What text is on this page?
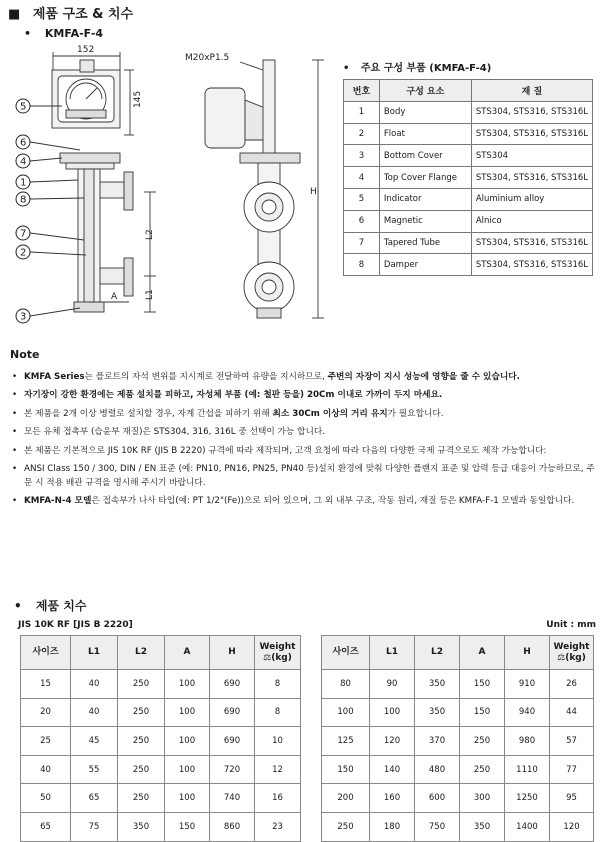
■ 제품 구조 & 치수
• KMFA-F-4
152
145
M20xP1.5
H
L2
L1
A
5
6
4
1
8
7
2
3
• 주요 구성 부품 (KMFA-F-4)
번호	구성 요소	재 질
1	Body	STS304, STS316, STS316L
2	Float	STS304, STS316, STS316L
3	Bottom Cover	STS304
4	Top Cover Flange	STS304, STS316, STS316L
5	Indicator	Aluminium alloy
6	Magnetic	Alnico
7	Tapered Tube	STS304, STS316, STS316L
8	Damper	STS304, STS316, STS316L
Note
• KMFA Series는 플로트의 자석 변위를 지시계로 전달하여 유량을 지시하므로, 주변의 자장이 지시 성능에 영향을 줄 수 있습니다.
• 자기장이 강한 환경에는 제품 설치를 피하고, 자성체 부품 (예: 철판 등을) 20Cm 이내로 가까이 두지 마세요.
• 본 제품을 2개 이상 병렬로 설치할 경우, 자계 간섭을 피하기 위해 최소 30Cm 이상의 거리 유지가 필요합니다.
• 모든 유체 접촉부 (습윤부 재질)은 STS304, 316, 316L 중 선택이 가능 합니다.
• 본 제품은 기본적으로 JIS 10K RF (JIS B 2220) 규격에 따라 제작되며, 고객 요청에 따라 다음의 다양한 국제 규격으로도 제작 가능합니다:
• ANSI Class 150 / 300, DIN / EN 표준 (예: PN10, PN16, PN25, PN40 등)설치 환경에 맞춰 다양한 플랜지 표준 및 압력 등급 대응이 가능하므로, 주문 시 적용 배관 규격을 명시해 주시기 바랍니다.
• KMFA-N-4 모델은 접속부가 나사 타입(예: PT 1/2"(Fe))으로 되어 있으며, 그 외 내부 구조, 작동 원리, 재질 등은 KMFA-F-1 모델과 동일합니다.
• 제품 치수
JIS 10K RF [JIS B 2220]	Unit : mm
사이즈	L1	L2	A	H	Weight
⚖(kg)
15	40	250	100	690	8
20	40	250	100	690	8
25	45	250	100	690	10
40	55	250	100	720	12
50	65	250	100	740	16
65	75	350	150	860	23
사이즈	L1	L2	A	H	Weight
⚖(kg)
80	90	350	150	910	26
100	100	350	150	940	44
125	120	370	250	980	57
150	140	480	250	1110	77
200	160	600	300	1250	95
250	180	750	350	1400	120
